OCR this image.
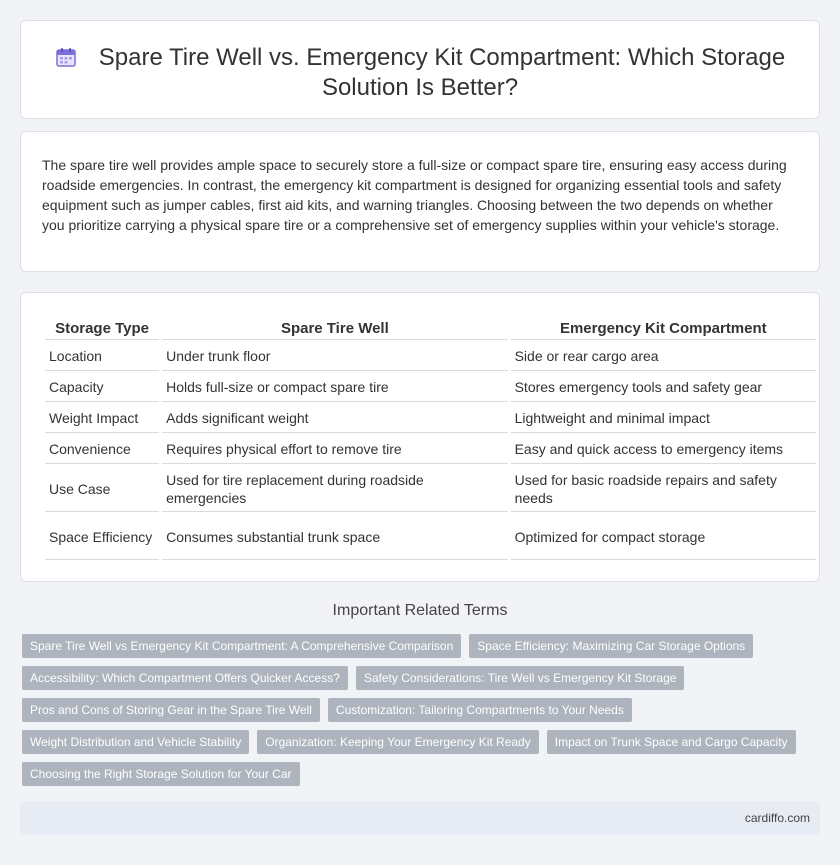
Spare Tire Well vs. Emergency Kit Compartment: Which Storage Solution Is Better?

The spare tire well provides ample space to securely store a full-size or compact spare tire, ensuring easy access during roadside emergencies. In contrast, the emergency kit compartment is designed for organizing essential tools and safety equipment such as jumper cables, first aid kits, and warning triangles. Choosing between the two depends on whether you prioritize carrying a physical spare tire or a comprehensive set of emergency supplies within your vehicle's storage.

Storage Type	Spare Tire Well	Emergency Kit Compartment
Location	Under trunk floor	Side or rear cargo area
Capacity	Holds full-size or compact spare tire	Stores emergency tools and safety gear
Weight Impact	Adds significant weight	Lightweight and minimal impact
Convenience	Requires physical effort to remove tire	Easy and quick access to emergency items
Use Case	Used for tire replacement during roadside emergencies	Used for basic roadside repairs and safety needs
Space Efficiency	Consumes substantial trunk space	Optimized for compact storage
Important Related Terms
Spare Tire Well vs Emergency Kit Compartment: A Comprehensive Comparison	Space Efficiency: Maximizing Car Storage Options
Accessibility: Which Compartment Offers Quicker Access?	Safety Considerations: Tire Well vs Emergency Kit Storage
Pros and Cons of Storing Gear in the Spare Tire Well	Customization: Tailoring Compartments to Your Needs
Weight Distribution and Vehicle Stability	Organization: Keeping Your Emergency Kit Ready	Impact on Trunk Space and Cargo Capacity
Choosing the Right Storage Solution for Your Car
cardiffo.com
